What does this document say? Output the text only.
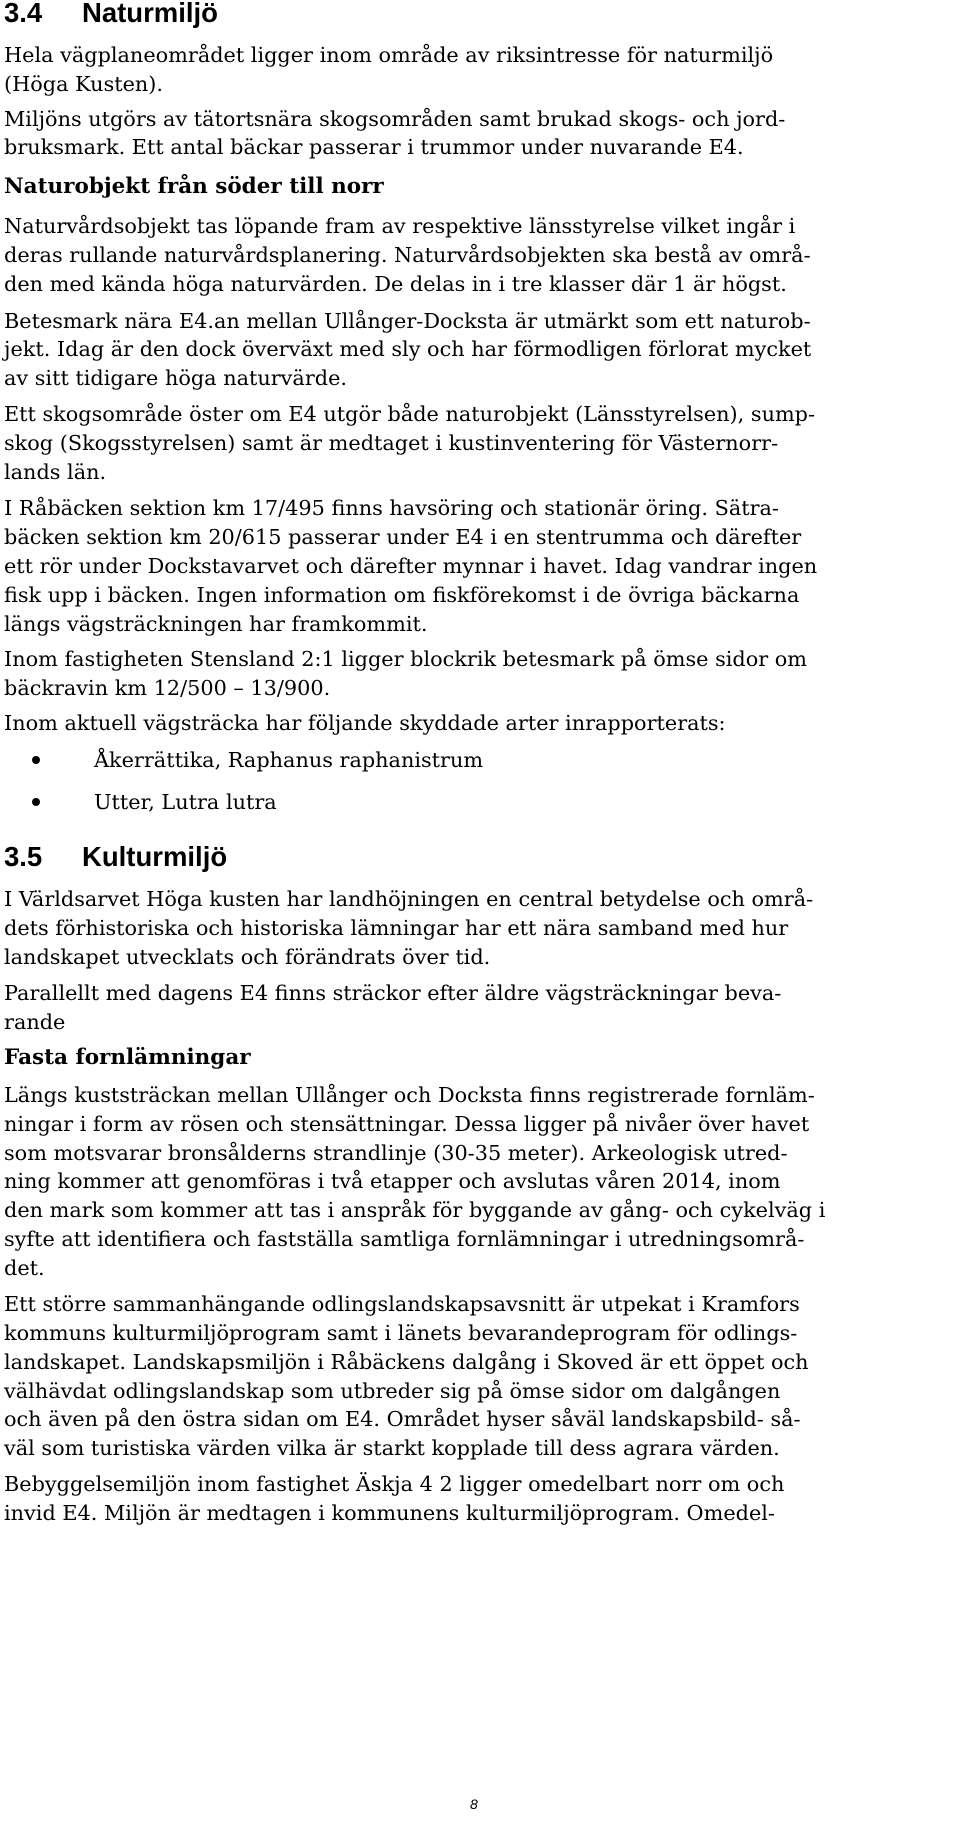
3.4 Naturmiljö
Hela vägplaneområdet ligger inom område av riksintresse för naturmiljö
(Höga Kusten).
Miljöns utgörs av tätortsnära skogsområden samt brukad skogs- och jord-
bruksmark. Ett antal bäckar passerar i trummor under nuvarande E4.
Naturobjekt från söder till norr
Naturvårdsobjekt tas löpande fram av respektive länsstyrelse vilket ingår i
deras rullande naturvårdsplanering. Naturvårdsobjekten ska bestå av områ-
den med kända höga naturvärden. De delas in i tre klasser där 1 är högst.
Betesmark nära E4.an mellan Ullånger-Docksta är utmärkt som ett naturob-
jekt. Idag är den dock överväxt med sly och har förmodligen förlorat mycket
av sitt tidigare höga naturvärde.
Ett skogsområde öster om E4 utgör både naturobjekt (Länsstyrelsen), sump-
skog (Skogsstyrelsen) samt är medtaget i kustinventering för Västernorr-
lands län.
I Råbäcken sektion km 17/495 finns havsöring och stationär öring. Sätra-
bäcken sektion km 20/615 passerar under E4 i en stentrumma och därefter
ett rör under Dockstavarvet och därefter mynnar i havet. Idag vandrar ingen
fisk upp i bäcken. Ingen information om fiskförekomst i de övriga bäckarna
längs vägsträckningen har framkommit.
Inom fastigheten Stensland 2:1 ligger blockrik betesmark på ömse sidor om
bäckravin km 12/500 – 13/900.
Inom aktuell vägsträcka har följande skyddade arter inrapporterats:
Åkerrättika, Raphanus raphanistrum
Utter, Lutra lutra
3.5 Kulturmiljö
I Världsarvet Höga kusten har landhöjningen en central betydelse och områ-
dets förhistoriska och historiska lämningar har ett nära samband med hur
landskapet utvecklats och förändrats över tid.
Parallellt med dagens E4 finns sträckor efter äldre vägsträckningar beva-
rande
Fasta fornlämningar
Längs kuststräckan mellan Ullånger och Docksta finns registrerade fornläm-
ningar i form av rösen och stensättningar. Dessa ligger på nivåer över havet
som motsvarar bronsålderns strandlinje (30-35 meter). Arkeologisk utred-
ning kommer att genomföras i två etapper och avslutas våren 2014, inom
den mark som kommer att tas i anspråk för byggande av gång- och cykelväg i
syfte att identifiera och fastställa samtliga fornlämningar i utredningsområ-
det.
Ett större sammanhängande odlingslandskapsavsnitt är utpekat i Kramfors
kommuns kulturmiljöprogram samt i länets bevarandeprogram för odlings-
landskapet. Landskapsmiljön i Råbäckens dalgång i Skoved är ett öppet och
välhävdat odlingslandskap som utbreder sig på ömse sidor om dalgången
och även på den östra sidan om E4. Området hyser såväl landskapsbild- så-
väl som turistiska värden vilka är starkt kopplade till dess agrara värden.
Bebyggelsemiljön inom fastighet Äskja 4 2 ligger omedelbart norr om och
invid E4. Miljön är medtagen i kommunens kulturmiljöprogram. Omedel-
8
